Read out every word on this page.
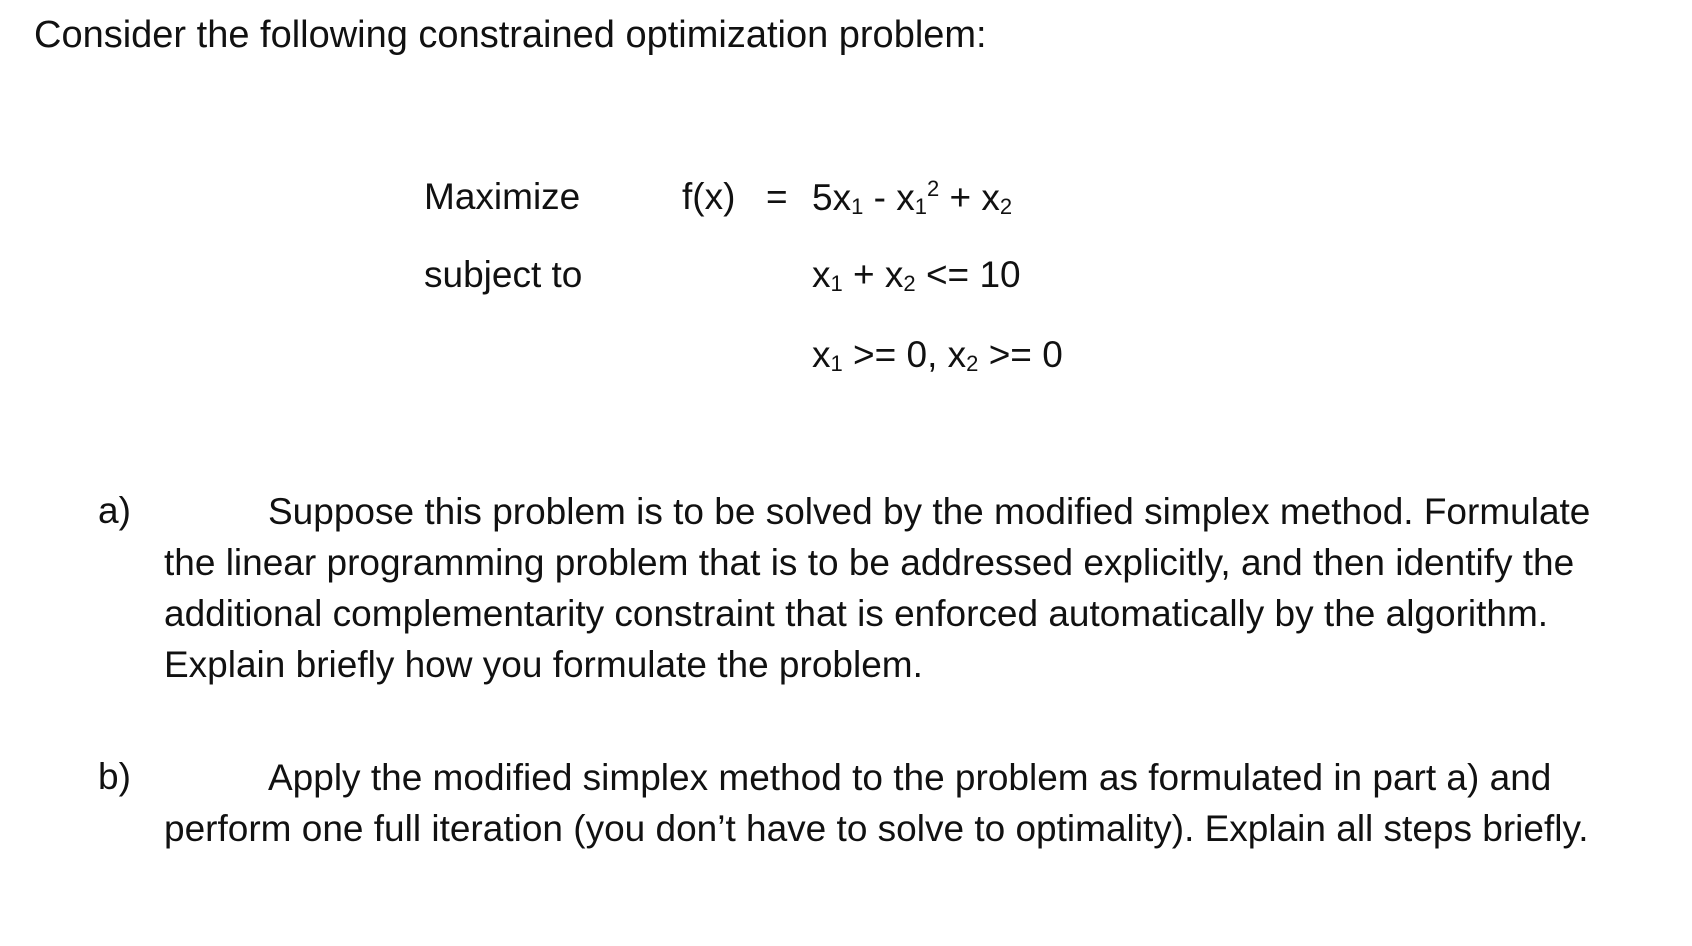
Consider the following constrained optimization problem:
Maximize	$f(x) = 5x_1 - x_1^2 + x_2$
subject to	$x_1 + x_2 <= 10$
$x_1 >= 0$, $x_2 >= 0$
a)	Suppose this problem is to be solved by the modified simplex method. Formulate the linear programming problem that is to be addressed explicitly, and then identify the additional complementarity constraint that is enforced automatically by the algorithm. Explain briefly how you formulate the problem.
b)	Apply the modified simplex method to the problem as formulated in part a) and perform one full iteration (you don’t have to solve to optimality). Explain all steps briefly.
